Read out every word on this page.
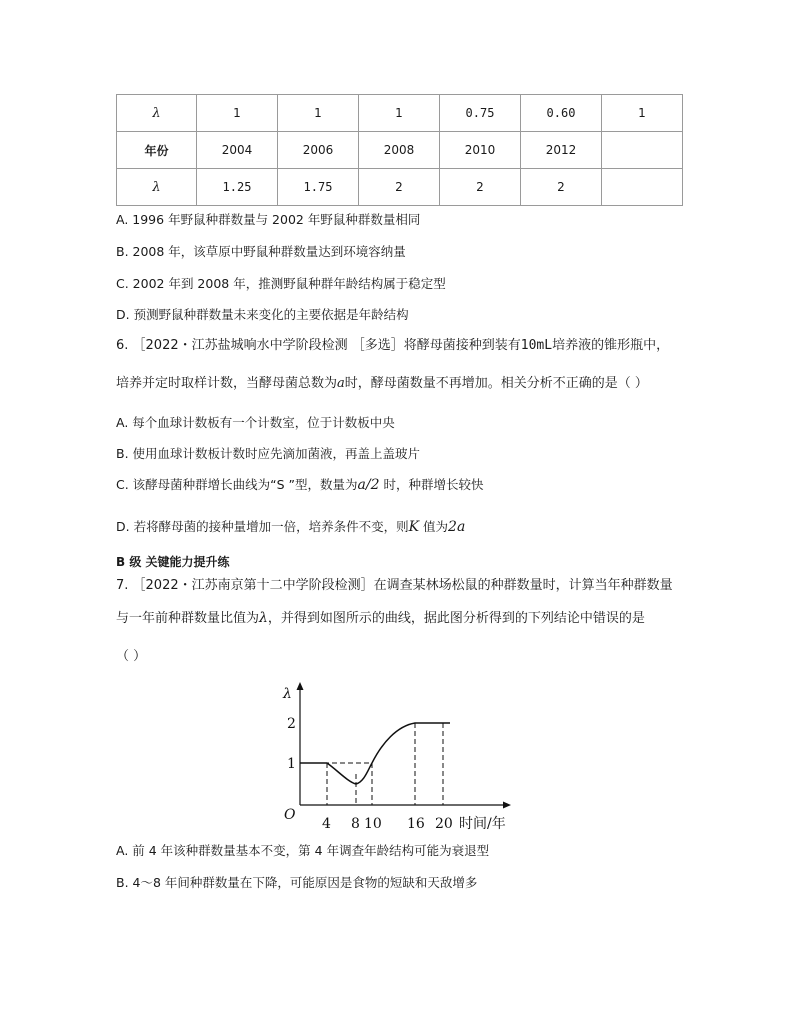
λ	1	1	1	0.75	0.60	1
年份	2004	2006	2008	2010	2012	
λ	1.25	1.75	2	2	2	
A. 1996 年野鼠种群数量与 2002 年野鼠种群数量相同
B. 2008 年，该草原中野鼠种群数量达到环境容纳量
C. 2002 年到 2008 年，推测野鼠种群年龄结构属于稳定型
D. 预测野鼠种群数量未来变化的主要依据是年龄结构
6. ［2022・江苏盐城响水中学阶段检测 ［多选］将酵母菌接种到装有10mL培养液的锥形瓶中，
培养并定时取样计数，当酵母菌总数为a时，酵母菌数量不再增加。相关分析不正确的是（ ）
A. 每个血球计数板有一个计数室，位于计数板中央
B. 使用血球计数板计数时应先滴加菌液，再盖上盖玻片
C. 该酵母菌种群增长曲线为“S ”型，数量为a/2 时，种群增长较快
D. 若将酵母菌的接种量增加一倍，培养条件不变，则K 值为2a
B 级 关键能力提升练
7. ［2022・江苏南京第十二中学阶段检测］在调查某林场松鼠的种群数量时，计算当年种群数量
与一年前种群数量比值为λ，并得到如图所示的曲线，据此图分析得到的下列结论中错误的是
（ ）
λ
O
2
1
4 8 10 16 20 时间/年
A. 前 4 年该种群数量基本不变，第 4 年调查年龄结构可能为衰退型
B. 4～8 年间种群数量在下降，可能原因是食物的短缺和天敌增多
